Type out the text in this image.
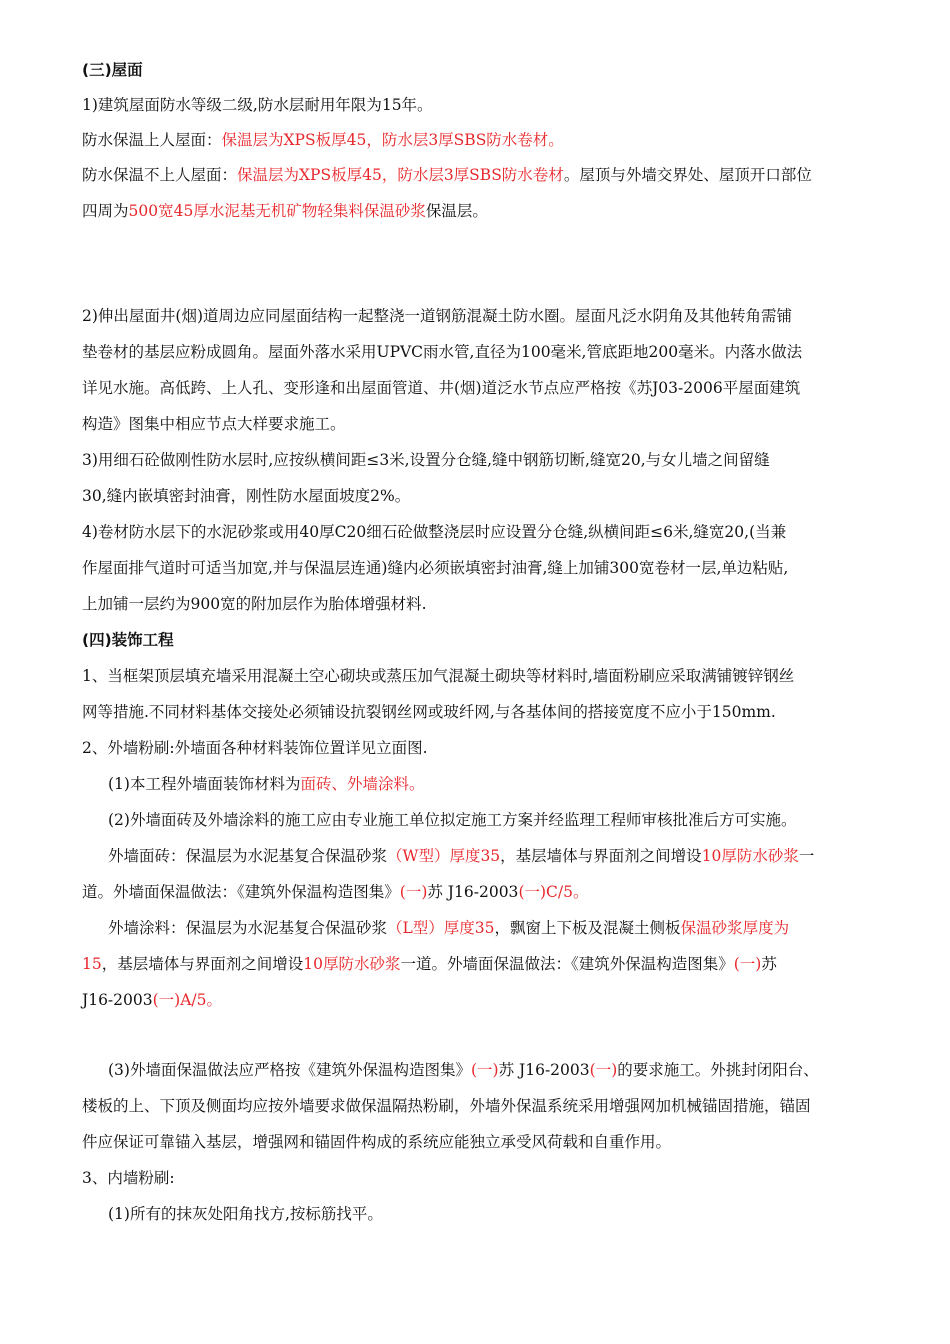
(三)屋面
1)建筑屋面防水等级二级,防水层耐用年限为15年。
防水保温上人屋面：保温层为XPS板厚45，防水层3厚SBS防水卷材。
防水保温不上人屋面：保温层为XPS板厚45，防水层3厚SBS防水卷材。屋顶与外墙交界处、屋顶开口部位
四周为500宽45厚水泥基无机矿物轻集料保温砂浆保温层。
2)伸出屋面井(烟)道周边应同屋面结构一起整浇一道钢筋混凝土防水圈。屋面凡泛水阴角及其他转角需铺
垫卷材的基层应粉成圆角。屋面外落水采用UPVC雨水管,直径为100毫米,管底距地200毫米。内落水做法
详见水施。高低跨、上人孔、变形逢和出屋面管道、井(烟)道泛水节点应严格按《苏J03-2006平屋面建筑
构造》图集中相应节点大样要求施工。
3)用细石砼做刚性防水层时,应按纵横间距≤3米,设置分仓缝,缝中钢筋切断,缝宽20,与女儿墙之间留缝
30,缝内嵌填密封油膏，刚性防水屋面坡度2%。
4)卷材防水层下的水泥砂浆或用40厚C20细石砼做整浇层时应设置分仓缝,纵横间距≤6米,缝宽20,(当兼
作屋面排气道时可适当加宽,并与保温层连通)缝内必须嵌填密封油膏,缝上加铺300宽卷材一层,单边粘贴,
上加铺一层约为900宽的附加层作为胎体增强材料.
(四)装饰工程
1、当框架顶层填充墙采用混凝土空心砌块或蒸压加气混凝土砌块等材料时,墙面粉刷应采取满铺镀锌钢丝
网等措施.不同材料基体交接处必须铺设抗裂钢丝网或玻纤网,与各基体间的搭接宽度不应小于150mm.
2、外墙粉刷:外墙面各种材料装饰位置详见立面图.
(1)本工程外墙面装饰材料为面砖、外墙涂料。
(2)外墙面砖及外墙涂料的施工应由专业施工单位拟定施工方案并经监理工程师审核批准后方可实施。
外墙面砖：保温层为水泥基复合保温砂浆（W型）厚度35，基层墙体与界面剂之间增设10厚防水砂浆一
道。外墙面保温做法：《建筑外保温构造图集》(一)苏 J16-2003(一)C/5。
外墙涂料：保温层为水泥基复合保温砂浆（L型）厚度35，飘窗上下板及混凝土侧板保温砂浆厚度为
15，基层墙体与界面剂之间增设10厚防水砂浆一道。外墙面保温做法：《建筑外保温构造图集》(一)苏
J16-2003(一)A/5。
(3)外墙面保温做法应严格按《建筑外保温构造图集》(一)苏 J16-2003(一)的要求施工。外挑封闭阳台、
楼板的上、下顶及侧面均应按外墙要求做保温隔热粉刷，外墙外保温系统采用增强网加机械锚固措施，锚固
件应保证可靠锚入基层，增强网和锚固件构成的系统应能独立承受风荷载和自重作用。
3、内墙粉刷:
(1)所有的抹灰处阳角找方,按标筋找平。
